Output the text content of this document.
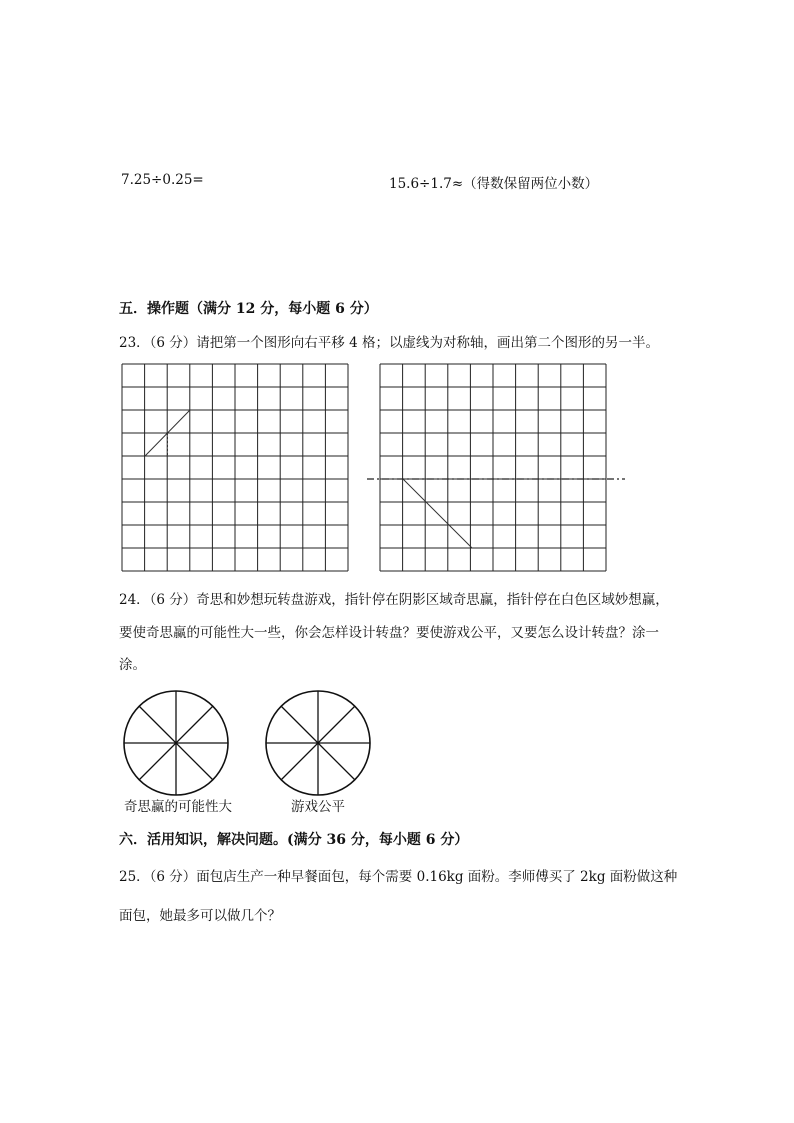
7.25÷0.25=	15.6÷1.7≈（得数保留两位小数）
五．操作题（满分 12 分，每小题 6 分）
23．（6 分）请把第一个图形向右平移 4 格；以虚线为对称轴，画出第二个图形的另一半。
24．（6 分）奇思和妙想玩转盘游戏，指针停在阴影区域奇思赢，指针停在白色区域妙想赢，
要使奇思赢的可能性大一些，你会怎样设计转盘？要使游戏公平，又要怎么设计转盘？涂一
涂。
奇思赢的可能性大	游戏公平
六．活用知识，解决问题。(满分 36 分，每小题 6 分）
25．（6 分）面包店生产一种早餐面包，每个需要 0.16kg 面粉。李师傅买了 2kg 面粉做这种
面包，她最多可以做几个？
